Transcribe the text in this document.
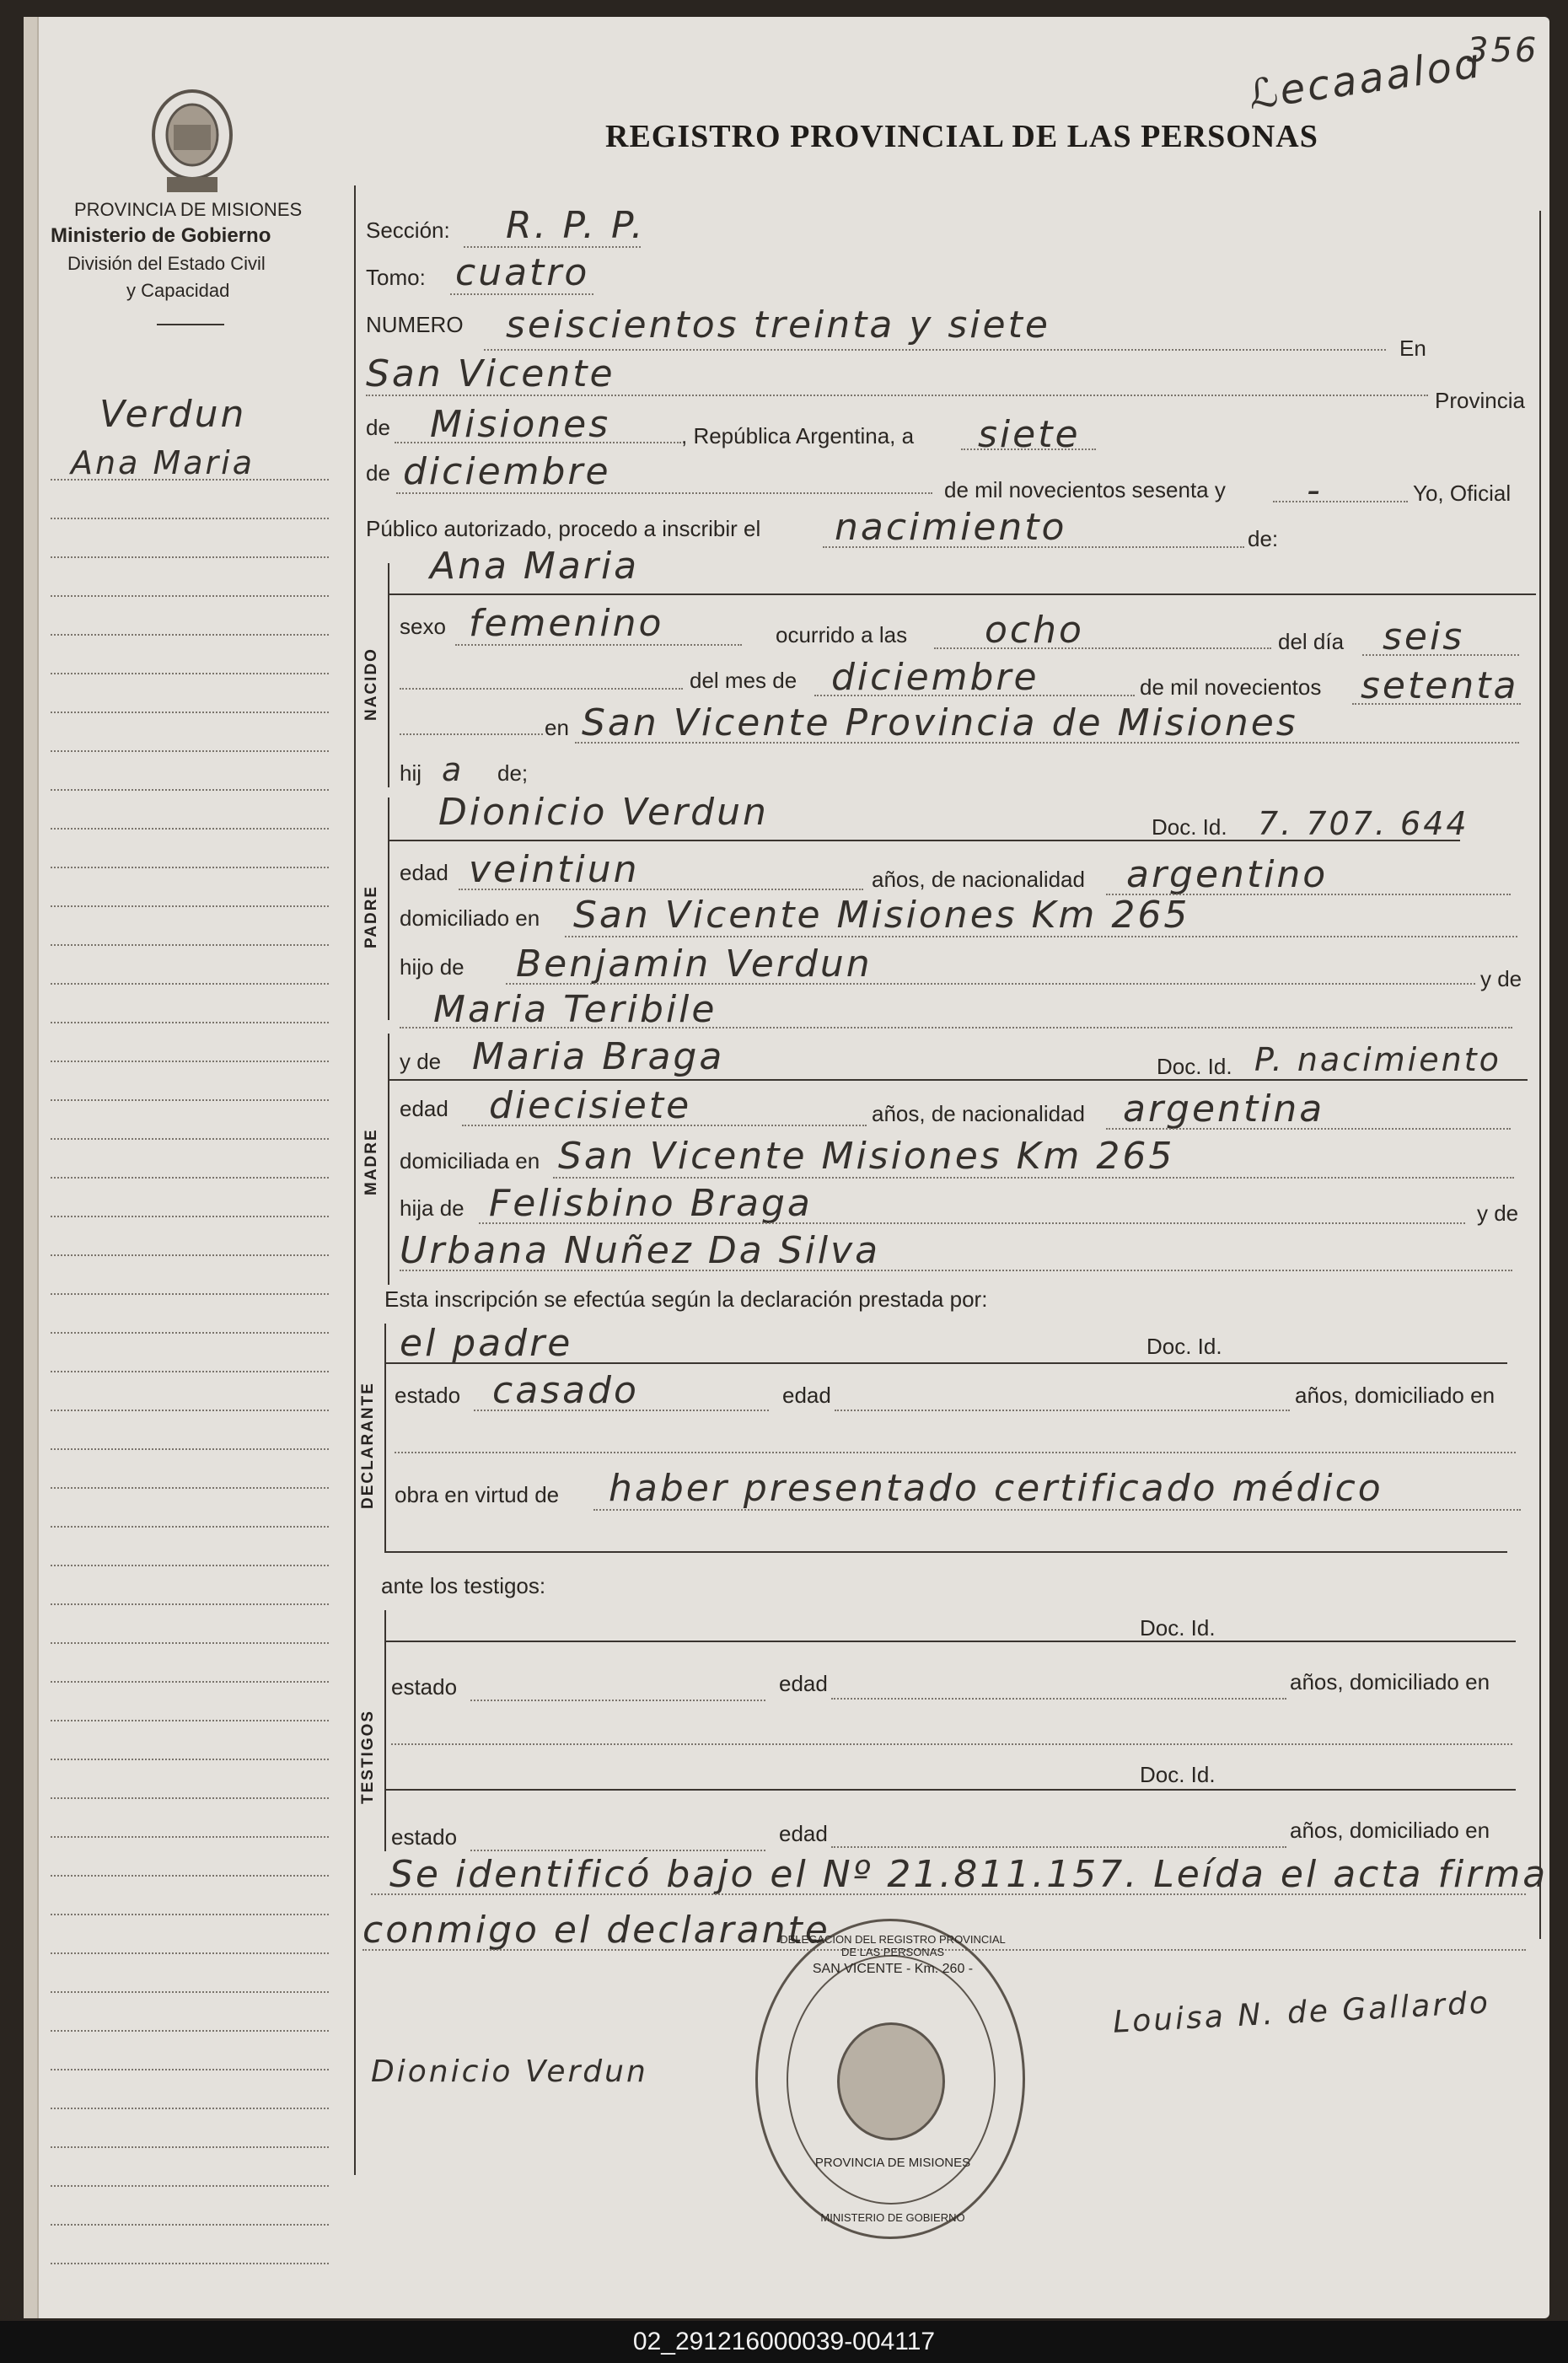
PROVINCIA DE MISIONES
Ministerio de Gobierno
División del Estado Civil
y Capacidad
REGISTRO PROVINCIAL DE LAS PERSONAS
ℒecaaaloɑ
356
Verdun
Ana Maria
Sección: R. P. P.
Tomo: cuatro
NUMERO seiscientos treinta y siete
En
San Vicente
Provincia
de Misiones	, República Argentina, a siete
de diciembre	de mil novecientos sesenta y -	Yo, Oficial
Público autorizado, procedo a inscribir el nacimiento	de:
NACIDO
Ana Maria
sexo femenino	ocurrido a las ocho	del día seis
del mes de diciembre	de mil novecientos setenta
en San Vicente Provincia de Misiones
hij a de;
PADRE
Dionicio Verdun	Doc. Id. 7. 707. 644
edad veintiun	años, de nacionalidad argentino
domiciliado en San Vicente Misiones Km 265
hijo de Benjamin Verdun	y de
Maria Teribile
MADRE
y de Maria Braga	Doc. Id. P. nacimiento
edad diecisiete	años, de nacionalidad argentina
domiciliada en San Vicente Misiones Km 265
hija de Felisbino Braga	y de
Urbana Nuñez Da Silva
Esta inscripción se efectúa según la declaración prestada por:
DECLARANTE
el padre	Doc. Id.
estado casado	edad	años, domiciliado en
obra en virtud de haber presentado certificado médico
ante los testigos:
TESTIGOS
Doc. Id.
estado	edad	años, domiciliado en
Doc. Id.
estado	edad	años, domiciliado en
Se identificó bajo el Nº 21.811.157. Leída el acta firma
conmigo el declarante
Louisa N. de Gallardo
Dionicio Verdun
SAN VICENTE - Km. 260 -
DELEGACION DEL REGISTRO PROVINCIAL DE LAS PERSONAS
PROVINCIA DE MISIONES
MINISTERIO DE GOBIERNO
02_291216000039-004117
